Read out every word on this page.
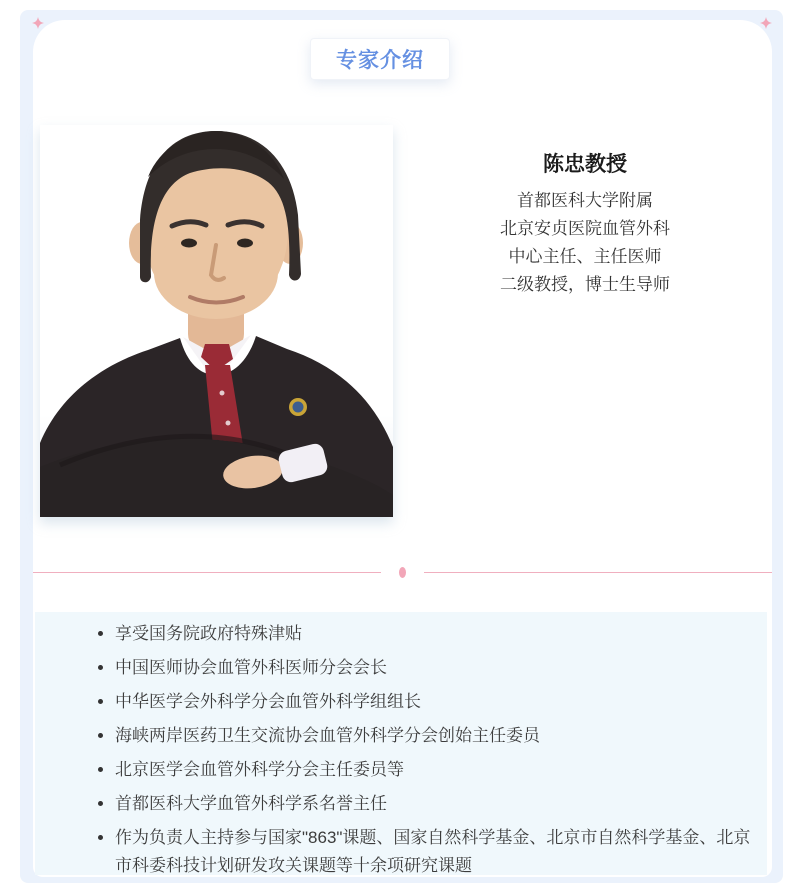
专家介绍
陈忠教授
首都医科大学附属
北京安贞医院血管外科
中心主任、主任医师
二级教授，博士生导师
享受国务院政府特殊津贴
中国医师协会血管外科医师分会会长
中华医学会外科学分会血管外科学组组长
海峡两岸医药卫生交流协会血管外科学分会创始主任委员
北京医学会血管外科学分会主任委员等
首都医科大学血管外科学系名誉主任
作为负责人主持参与国家"863"课题、国家自然科学基金、北京市自然科学基金、北京市科委科技计划研发攻关课题等十余项研究课题
